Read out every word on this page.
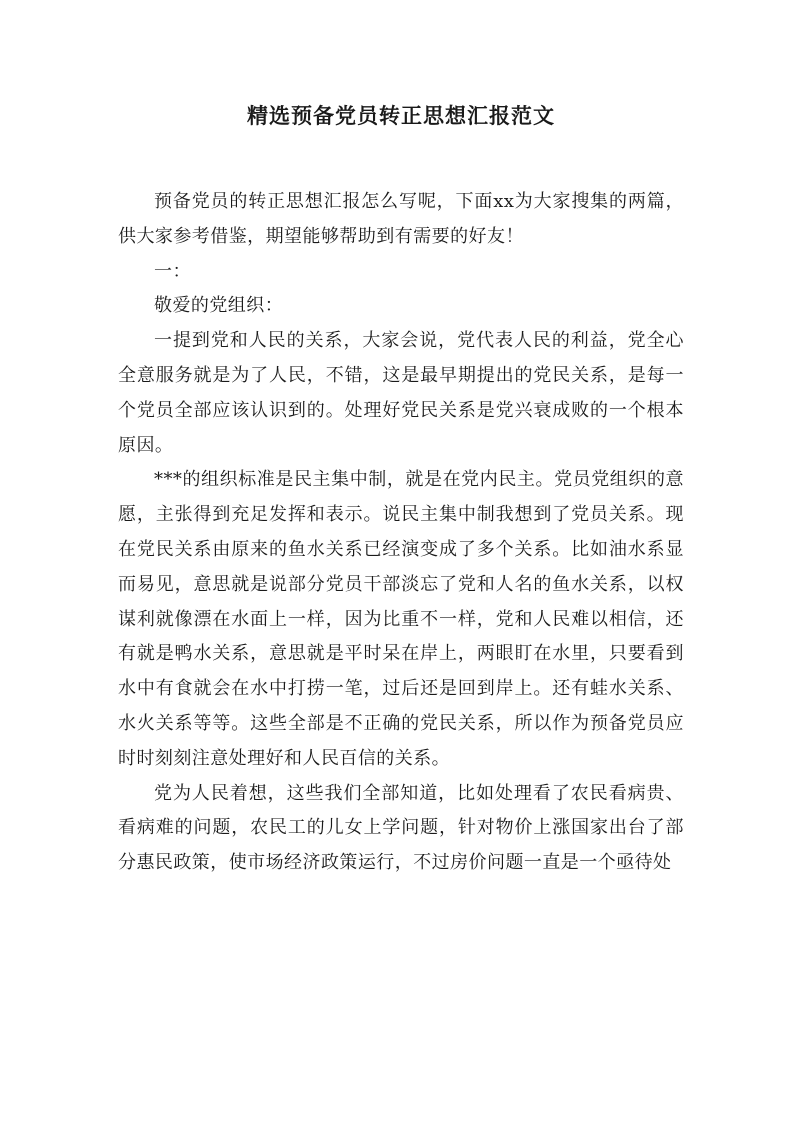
精选预备党员转正思想汇报范文

预备党员的转正思想汇报怎么写呢，下面xx为大家搜集的两篇，供大家参考借鉴，期望能够帮助到有需要的好友！

一：

敬爱的党组织：

一提到党和人民的关系，大家会说，党代表人民的利益，党全心全意服务就是为了人民，不错，这是最早期提出的党民关系，是每一个党员全部应该认识到的。处理好党民关系是党兴衰成败的一个根本原因。

***的组织标准是民主集中制，就是在党内民主。党员党组织的意愿，主张得到充足发挥和表示。说民主集中制我想到了党员关系。现在党民关系由原来的鱼水关系已经演变成了多个关系。比如油水系显而易见，意思就是说部分党员干部淡忘了党和人名的鱼水关系，以权谋利就像漂在水面上一样，因为比重不一样，党和人民难以相信，还有就是鸭水关系，意思就是平时呆在岸上，两眼盯在水里，只要看到水中有食就会在水中打捞一笔，过后还是回到岸上。还有蛙水关系、水火关系等等。这些全部是不正确的党民关系，所以作为预备党员应时时刻刻注意处理好和人民百信的关系。

党为人民着想，这些我们全部知道，比如处理看了农民看病贵、看病难的问题，农民工的儿女上学问题，针对物价上涨国家出台了部分惠民政策，使市场经济政策运行，不过房价问题一直是一个亟待处
